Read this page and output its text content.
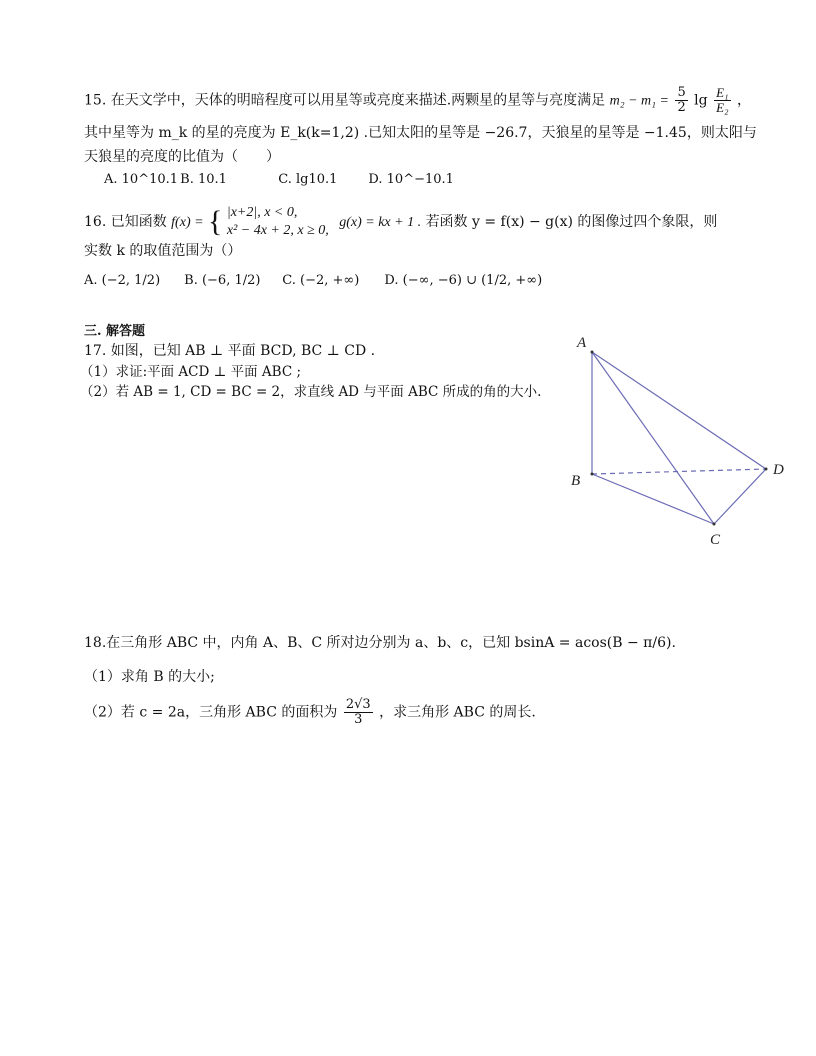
15. 在天文学中，天体的明暗程度可以用星等或亮度来描述.两颗星的星等与亮度满足 $m_2 - m_1 = \frac{5}{2}$ $\lg \frac{\text{E₁}}{\text{E₂}}$ ，
其中星等为 m_k 的星的亮度为 E_k(k=1,2) .已知太阳的星等是 −26.7，天狼星的星等是 −1.45，则太阳与
天狼星的亮度的比值为（　　）
A. 10^10.1 B. 10.1	C. lg10.1 D. 10^−10.1
16. 已知函数 f(x) = { |x+2|, x < 0,
x² − 4x + 2, x ≥ 0,
g(x) = kx + 1 . 若函数 y = f(x) − g(x) 的图像过四个象限，则
实数 k 的取值范围为（）
A. (−2, 1/2) B. (−6, 1/2) C. (−2, +∞) D. (−∞, −6) ∪ (1/2, +∞)
三. 解答题
17. 如图，已知 AB ⊥ 平面 BCD, BC ⊥ CD .
（1）求证:平面 ACD ⊥ 平面 ABC ;
（2）若 AB = 1, CD = BC = 2，求直线 AD 与平面 ABC 所成的角的大小.
A
B
C
D
18.在三角形 ABC 中，内角 A、B、C 所对边分别为 a、b、c，已知 bsinA = acos(B − π/6).
（1）求角 B 的大小;
（2）若 c = 2a，三角形 ABC 的面积为 $\frac{2√3}{3}$ ，求三角形 ABC 的周长.
